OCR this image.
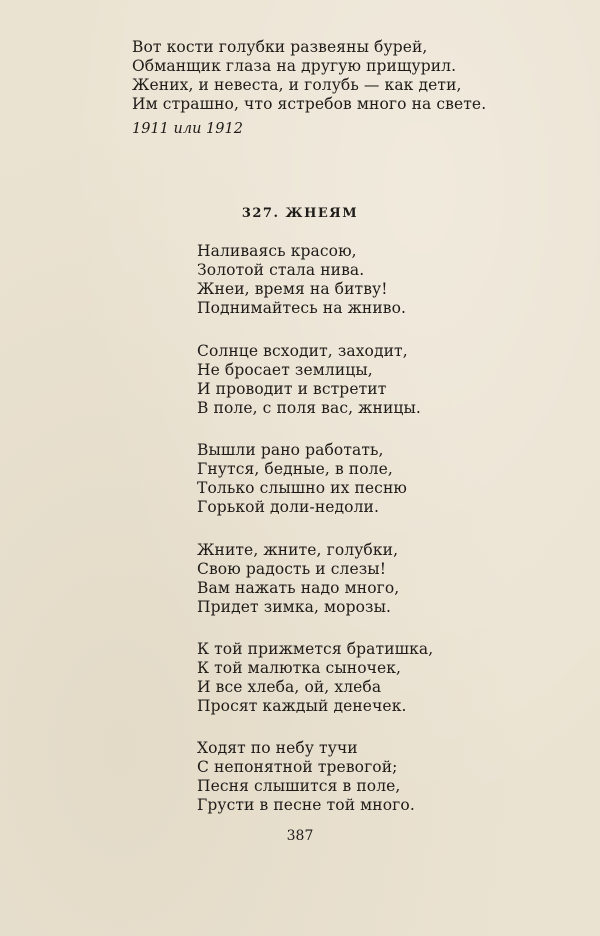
Вот кости голубки развеяны бурей,
Обманщик глаза на другую прищурил.
Жених, и невеста, и голубь — как дети,
Им страшно, что ястребов много на свете.
1911 или 1912
327. ЖНЕЯМ
Наливаясь красою,
Золотой стала нива.
Жнеи, время на битву!
Поднимайтесь на жниво.
Солнце всходит, заходит,
Не бросает землицы,
И проводит и встретит
В поле, с поля вас, жницы.
Вышли рано работать,
Гнутся, бедные, в поле,
Только слышно их песню
Горькой доли-недоли.
Жните, жните, голубки,
Свою радость и слезы!
Вам нажать надо много,
Придет зимка, морозы.
К той прижмется братишка,
К той малютка сыночек,
И все хлеба, ой, хлеба
Просят каждый денечек.
Ходят по небу тучи
С непонятной тревогой;
Песня слышится в поле,
Грусти в песне той много.
387
